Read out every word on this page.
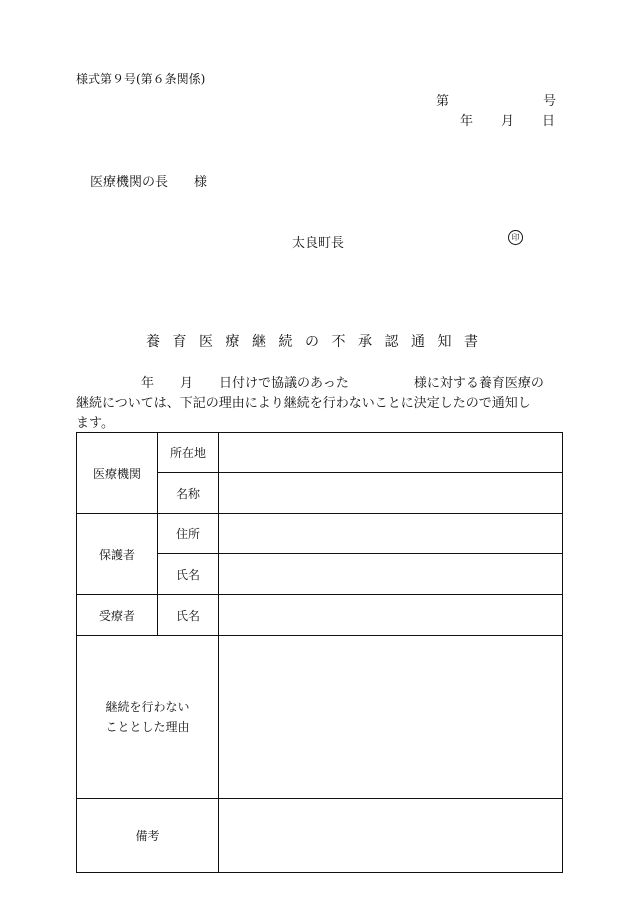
様式第９号(第６条関係)
第	号
年 月 日
医療機関の長　　様
太良町長	印
養育医療継続の不承認通知書
　　　　　年　　月　　日付けで協議のあった　　　　　様に対する養育医療の
継続については、下記の理由により継続を行わないことに決定したので通知し
ます。
医療機関	所在地	
	名称	
保護者	住所	
	氏名	
受療者	氏名	
継続を行わない
こととした理由		
備考		
